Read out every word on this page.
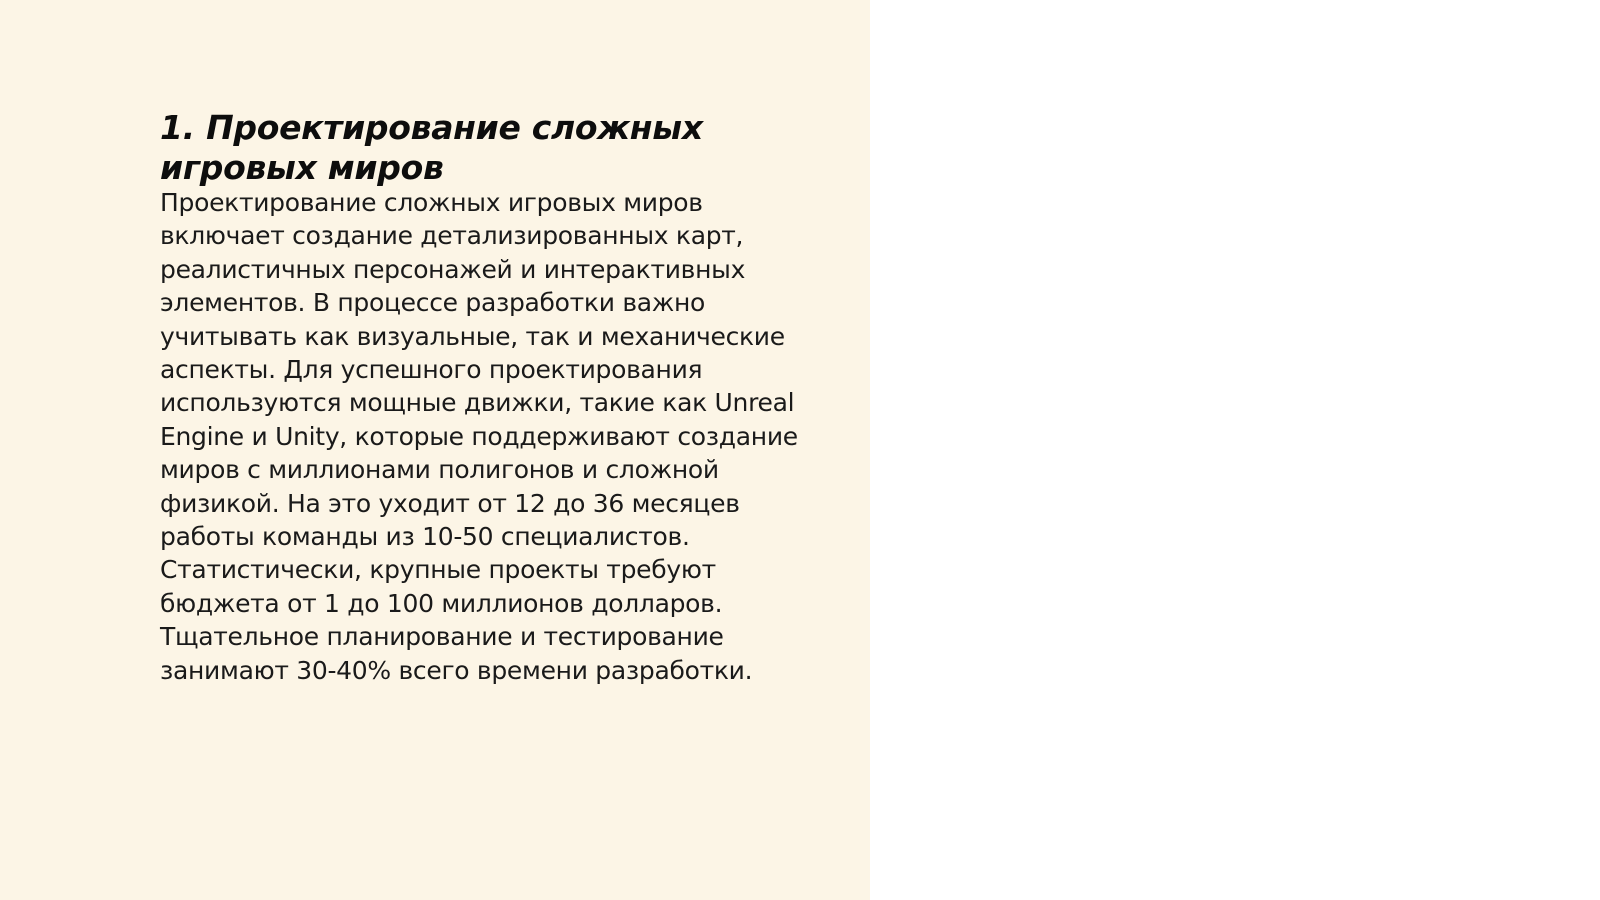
1. Проектирование сложных
игровых миров
Проектирование сложных игровых миров
включает создание детализированных карт,
реалистичных персонажей и интерактивных
элементов. В процессе разработки важно
учитывать как визуальные, так и механические
аспекты. Для успешного проектирования
используются мощные движки, такие как Unreal
Engine и Unity, которые поддерживают создание
миров с миллионами полигонов и сложной
физикой. На это уходит от 12 до 36 месяцев
работы команды из 10-50 специалистов.
Статистически, крупные проекты требуют
бюджета от 1 до 100 миллионов долларов.
Тщательное планирование и тестирование
занимают 30-40% всего времени разработки.
